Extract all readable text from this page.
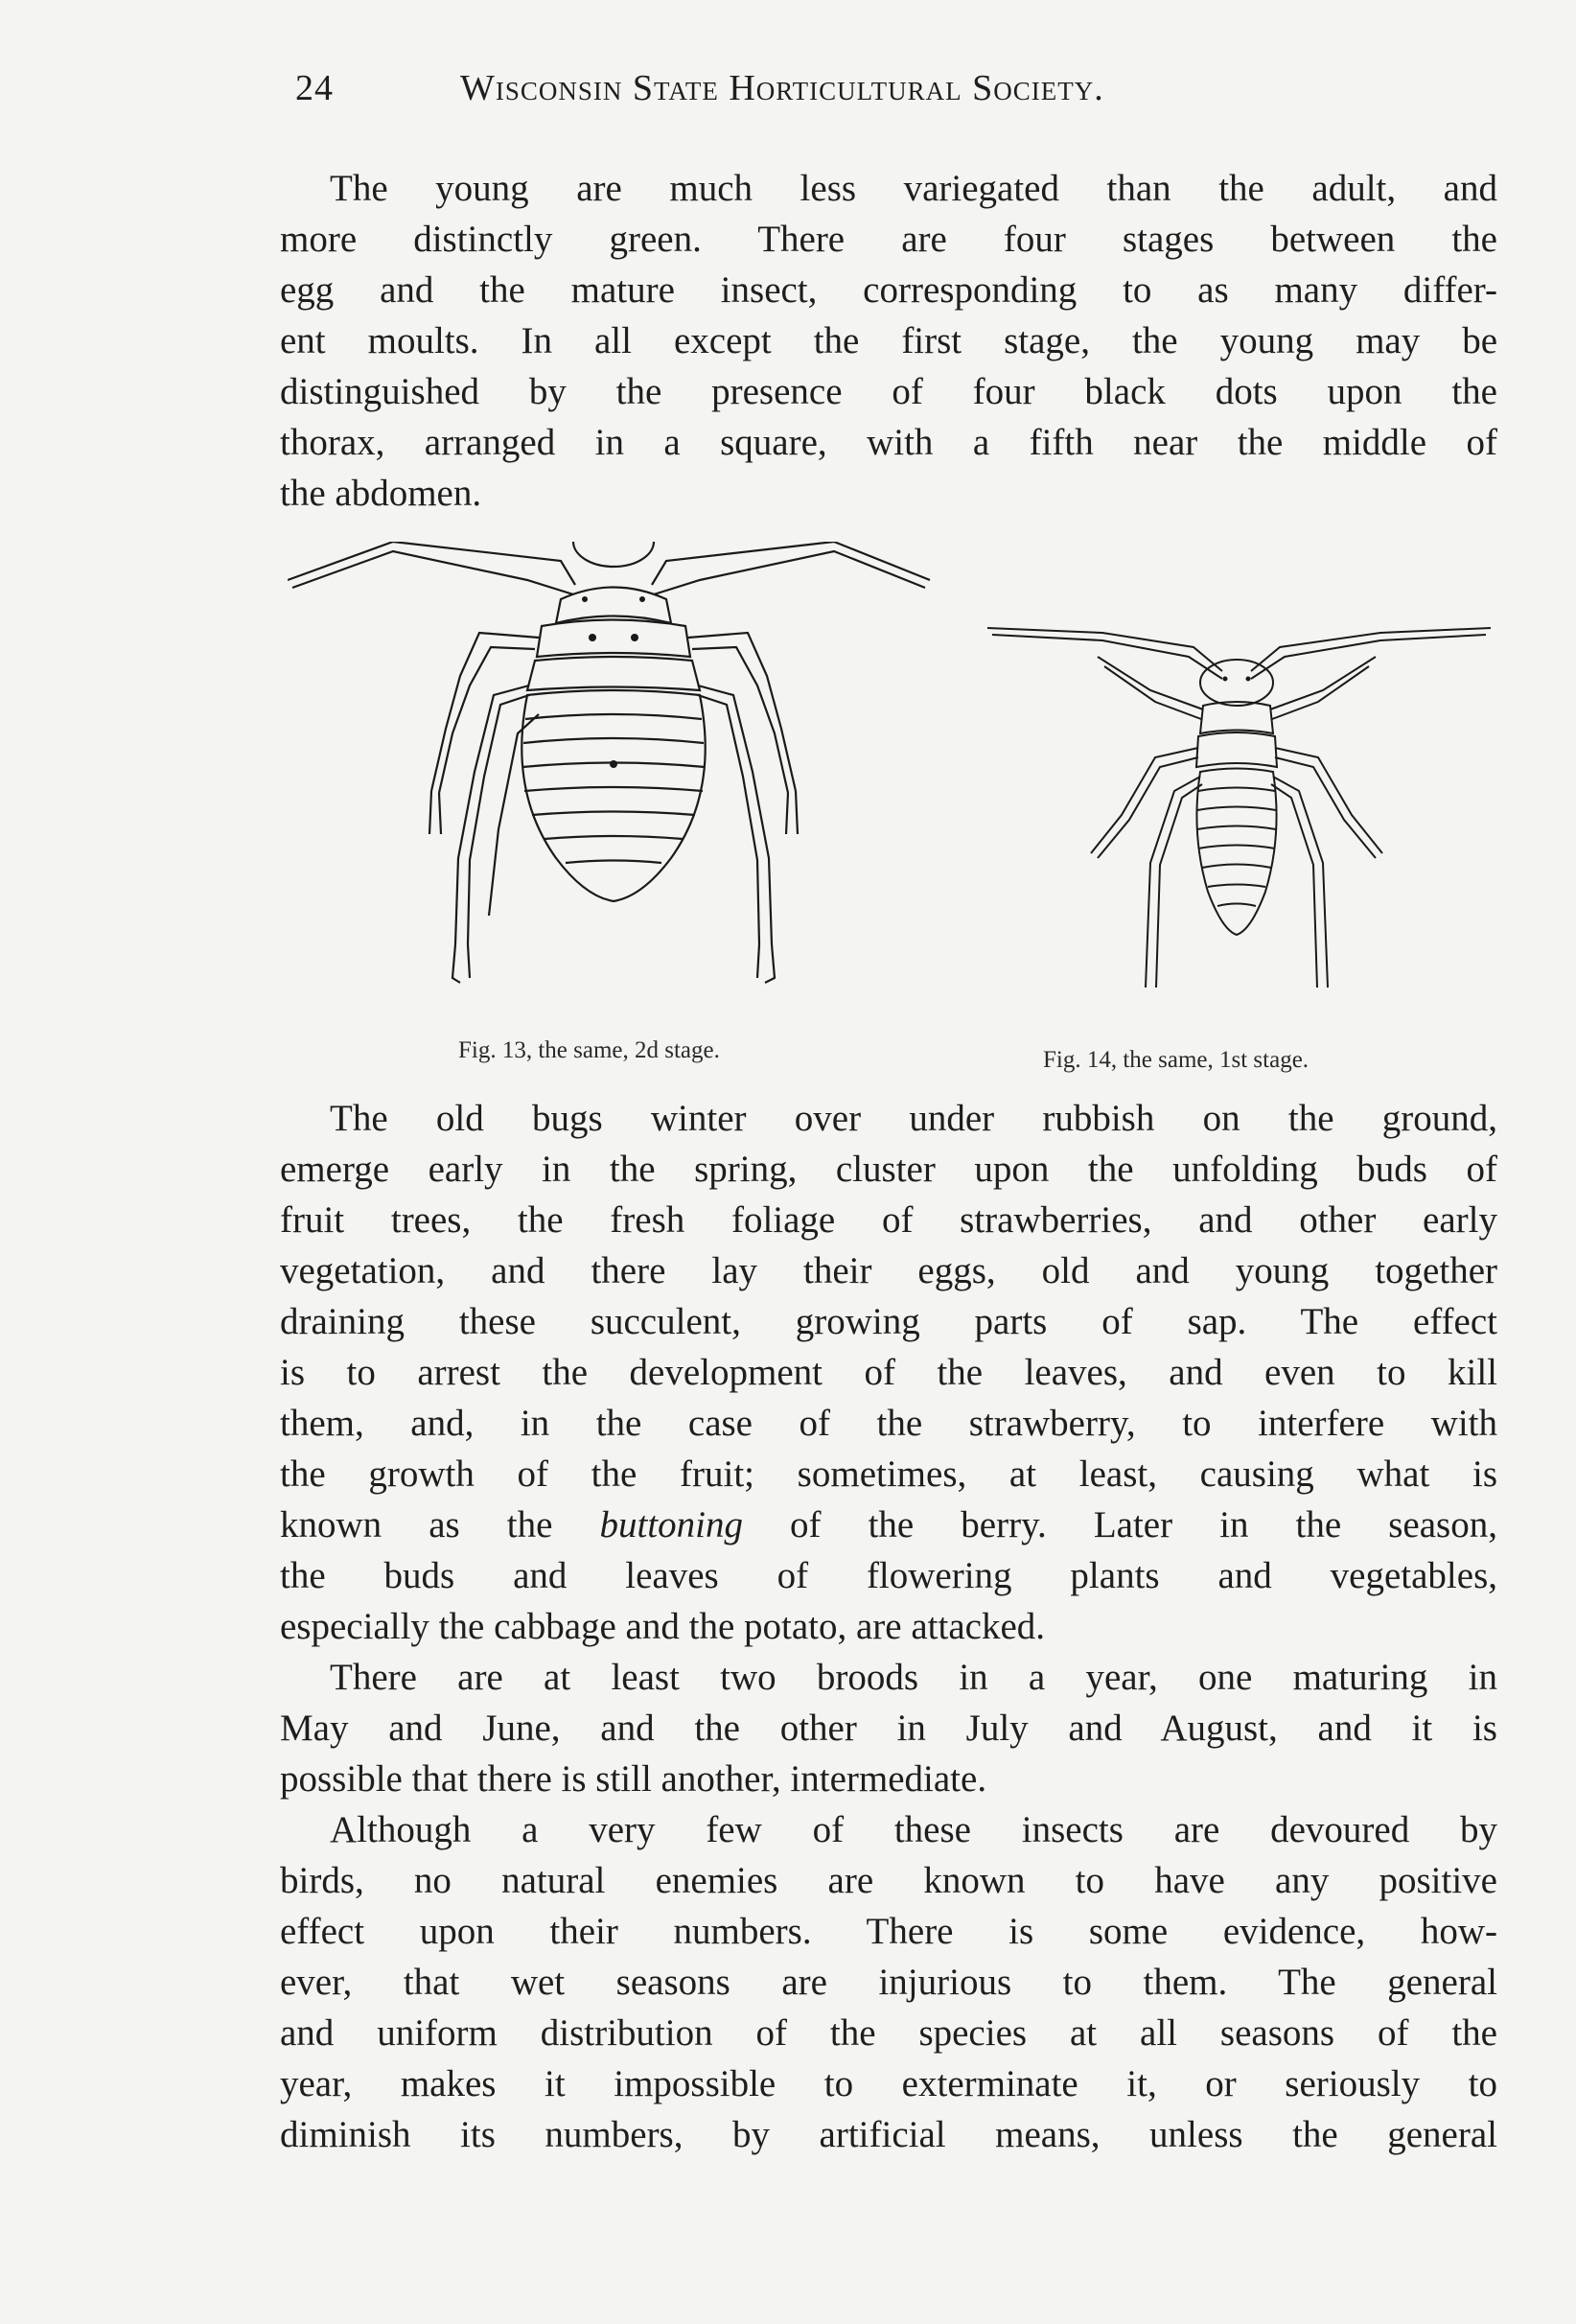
24	Wisconsin State Horticultural Society.
The young are much less variegated than the adult, and
more distinctly green. There are four stages between the
egg and the mature insect, corresponding to as many differ-
ent moults. In all except the first stage, the young may be
distinguished by the presence of four black dots upon the
thorax, arranged in a square, with a fifth near the middle of
the abdomen.
Fig. 13, the same, 2d stage.	Fig. 14, the same, 1st stage.
The old bugs winter over under rubbish on the ground,
emerge early in the spring, cluster upon the unfolding buds of
fruit trees, the fresh foliage of strawberries, and other early
vegetation, and there lay their eggs, old and young together
draining these succulent, growing parts of sap. The effect
is to arrest the development of the leaves, and even to kill
them, and, in the case of the strawberry, to interfere with
the growth of the fruit; sometimes, at least, causing what is
known as the buttoning of the berry. Later in the season,
the buds and leaves of flowering plants and vegetables,
especially the cabbage and the potato, are attacked.
There are at least two broods in a year, one maturing in
May and June, and the other in July and August, and it is
possible that there is still another, intermediate.
Although a very few of these insects are devoured by
birds, no natural enemies are known to have any positive
effect upon their numbers. There is some evidence, how-
ever, that wet seasons are injurious to them. The general
and uniform distribution of the species at all seasons of the
year, makes it impossible to exterminate it, or seriously to
diminish its numbers, by artificial means, unless the general
